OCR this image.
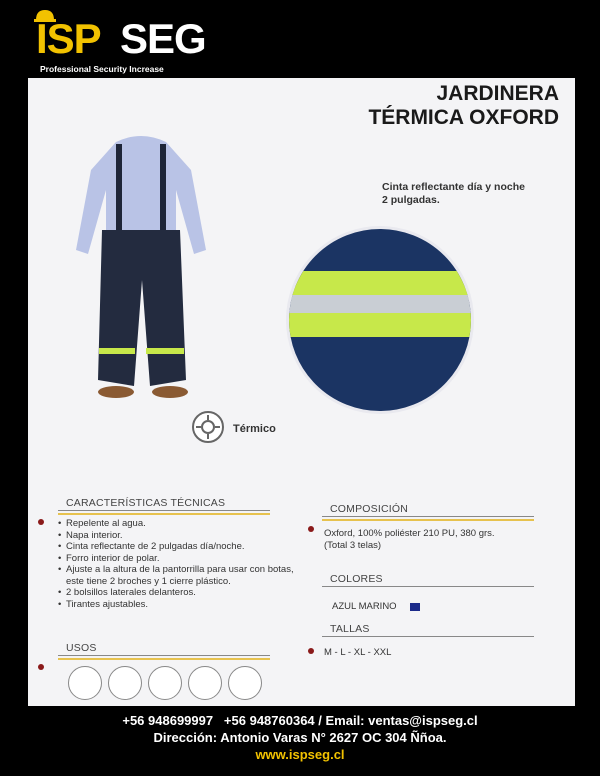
ISP SEG
Professional Security Increase
JARDINERA
TÉRMICA OXFORD
Cinta reflectante día y noche
2 pulgadas.
Térmico
CARACTERÍSTICAS TÉCNICAS
• Repelente al agua.
• Napa interior.
• Cinta reflectante de 2 pulgadas día/noche.
• Forro interior de polar.
• Ajuste a la altura de la pantorrilla para usar con botas, este tiene 2 broches y 1 cierre plástico.
• 2 bolsillos laterales delanteros.
• Tirantes ajustables.
USOS
COMPOSICIÓN
Oxford, 100% poliéster 210 PU, 380 grs.
(Total 3 telas)
COLORES
AZUL MARINO
TALLAS
M - L - XL - XXL
+56 948699997   +56 948760364 / Email: ventas@ispseg.cl
Dirección: Antonio Varas N° 2627 OC 304 Ññoa.
www.ispseg.cl
